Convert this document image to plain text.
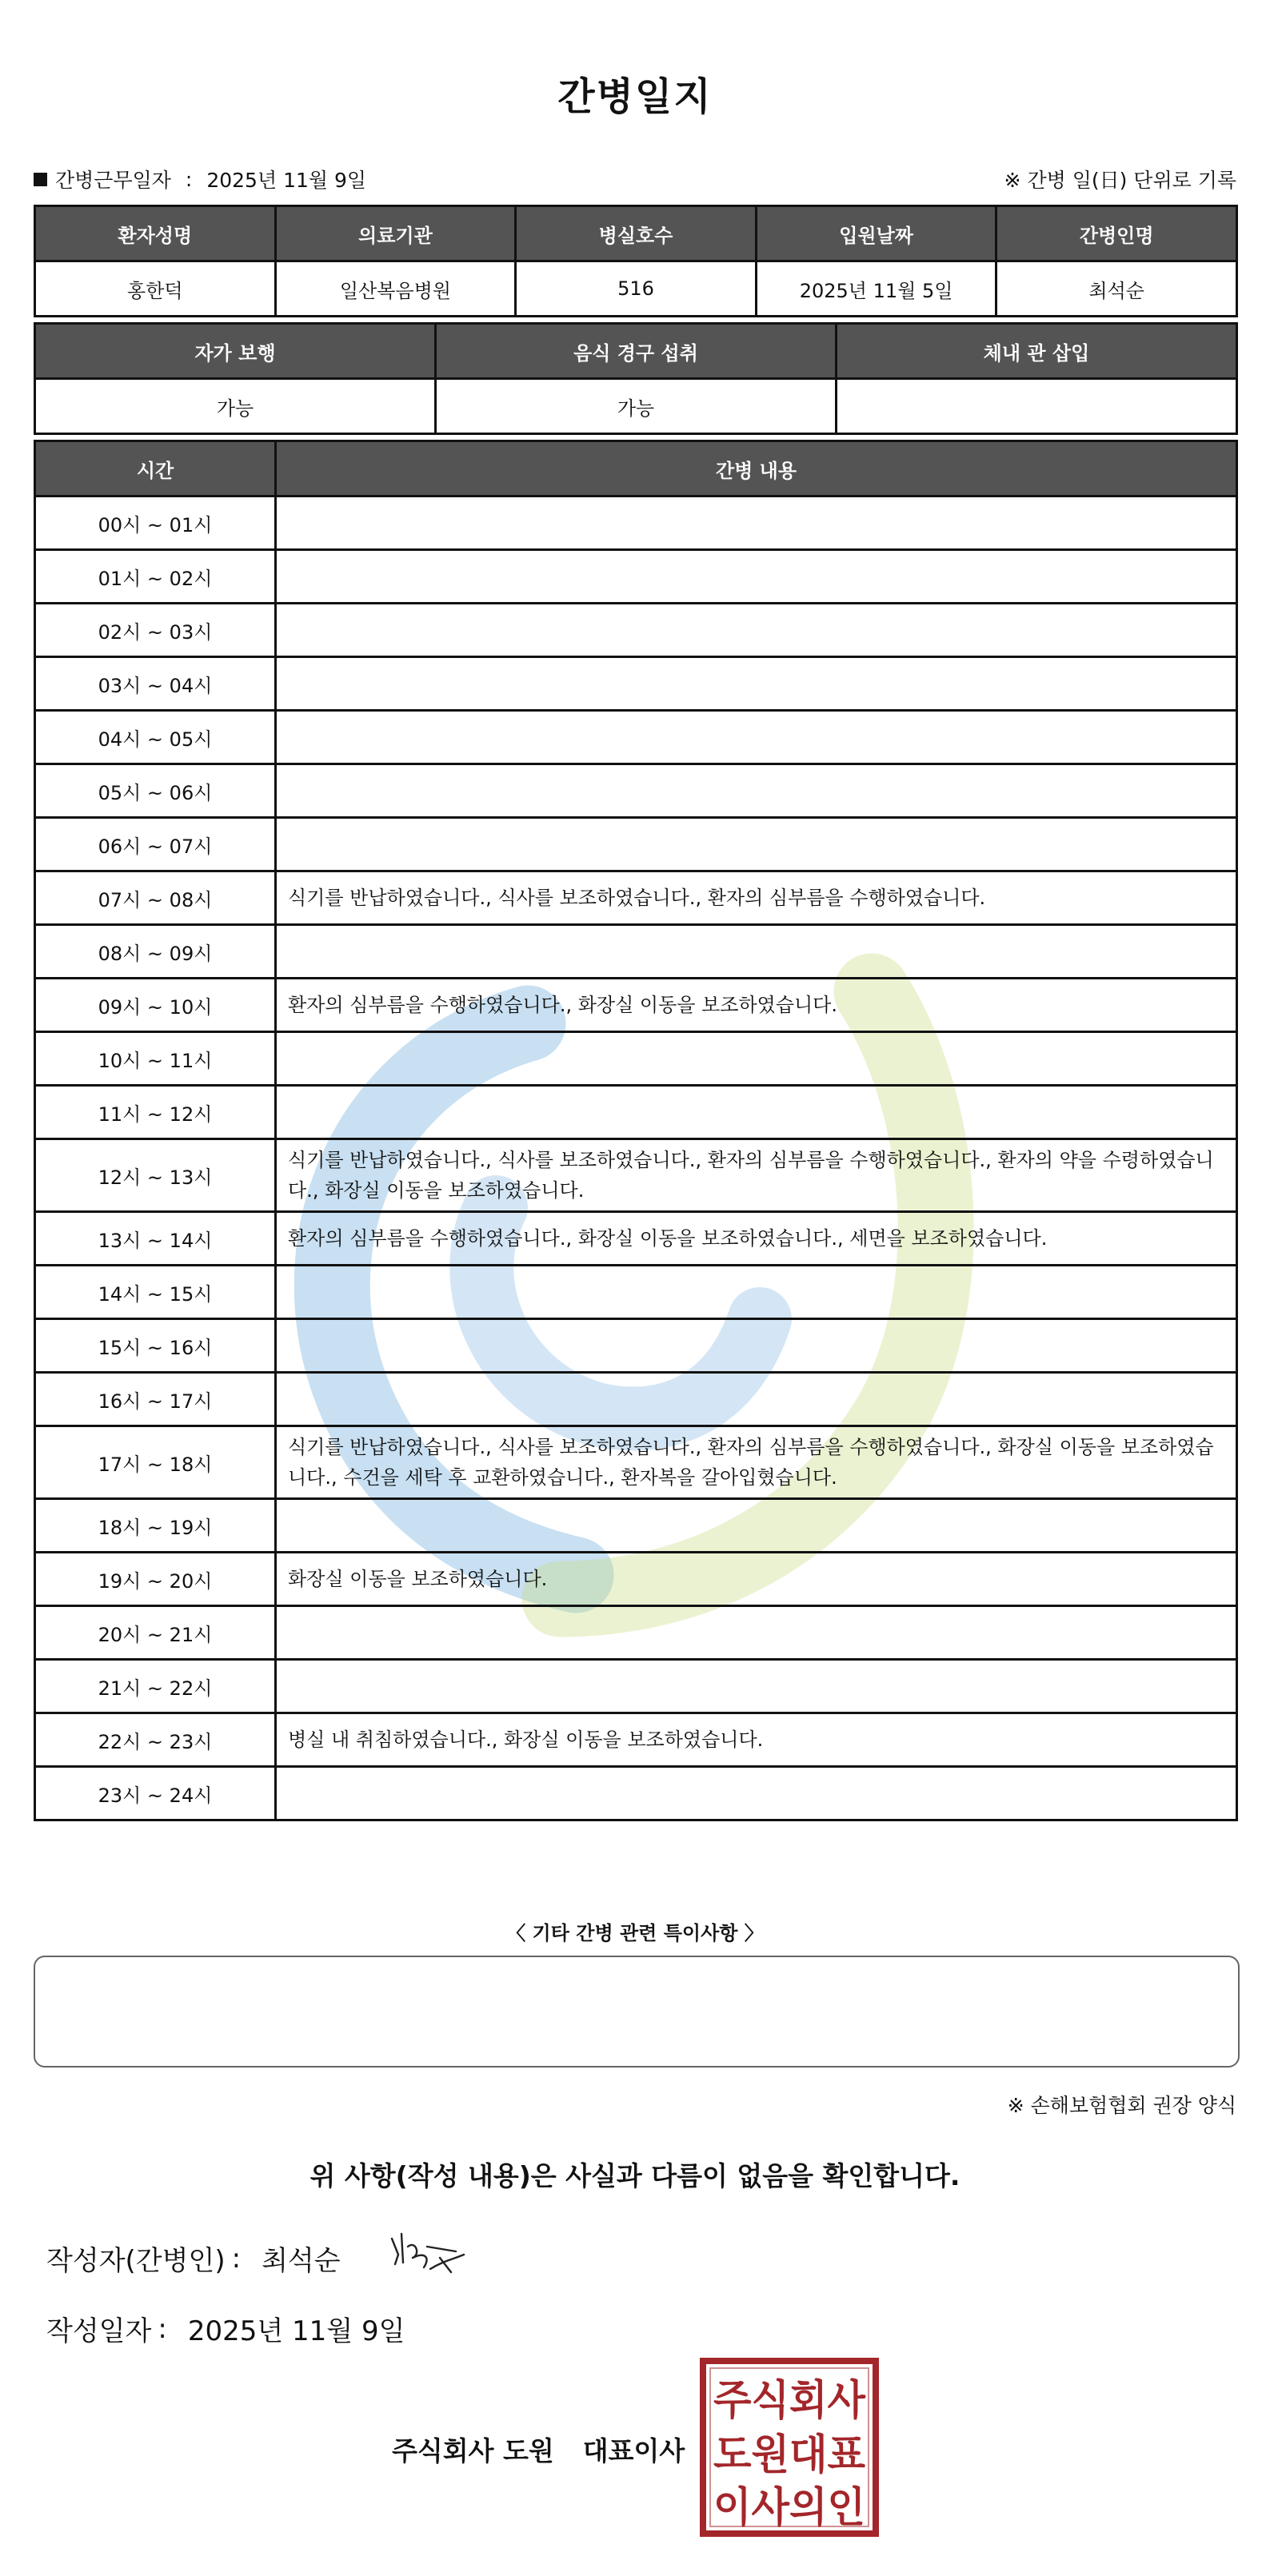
간병일지
간병근무일자 : 2025년 11월 9일	※ 간병 일(日) 단위로 기록
환자성명	의료기관	병실호수	입원날짜	간병인명
홍한덕	일산복음병원	516	2025년 11월 5일	최석순
자가 보행	음식 경구 섭취	체내 관 삽입
가능	가능	
시간	간병 내용
00시 ~ 01시	
01시 ~ 02시	
02시 ~ 03시	
03시 ~ 04시	
04시 ~ 05시	
05시 ~ 06시	
06시 ~ 07시	
07시 ~ 08시	식기를 반납하였습니다., 식사를 보조하였습니다., 환자의 심부름을 수행하였습니다.
08시 ~ 09시	
09시 ~ 10시	환자의 심부름을 수행하였습니다., 화장실 이동을 보조하였습니다.
10시 ~ 11시	
11시 ~ 12시	
12시 ~ 13시	식기를 반납하였습니다., 식사를 보조하였습니다., 환자의 심부름을 수행하였습니다., 환자의 약을 수령하였습니다., 화장실 이동을 보조하였습니다.
13시 ~ 14시	환자의 심부름을 수행하였습니다., 화장실 이동을 보조하였습니다., 세면을 보조하였습니다.
14시 ~ 15시	
15시 ~ 16시	
16시 ~ 17시	
17시 ~ 18시	식기를 반납하였습니다., 식사를 보조하였습니다., 환자의 심부름을 수행하였습니다., 화장실 이동을 보조하였습니다., 수건을 세탁 후 교환하였습니다., 환자복을 갈아입혔습니다.
18시 ~ 19시	
19시 ~ 20시	화장실 이동을 보조하였습니다.
20시 ~ 21시	
21시 ~ 22시	
22시 ~ 23시	병실 내 취침하였습니다., 화장실 이동을 보조하였습니다.
23시 ~ 24시	
〈 기타 간병 관련 특이사항 〉
※ 손해보험협회 권장 양식
위 사항(작성 내용)은 사실과 다름이 없음을 확인합니다.
작성자(간병인) : 최석순
작성일자 : 2025년 11월 9일
주식회사 도원 대표이사
주식회사
도원대표
이사의인
